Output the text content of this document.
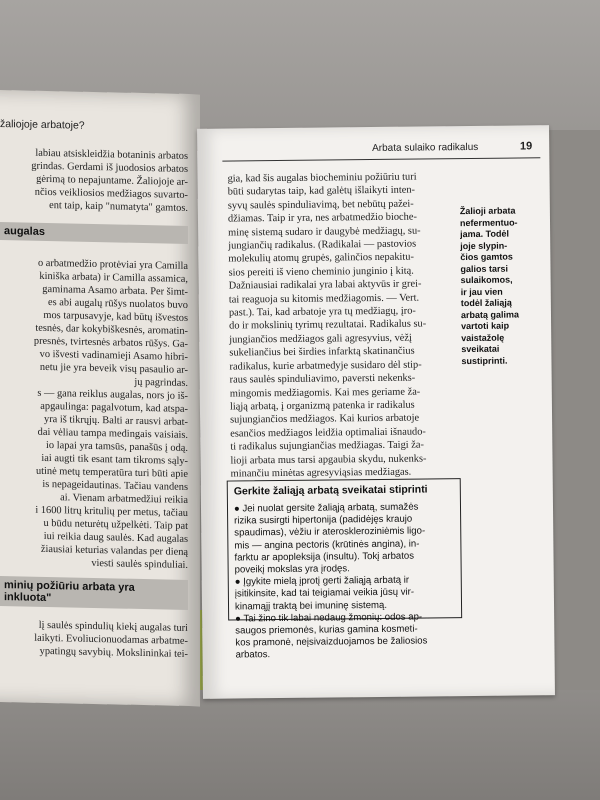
žaliojoje arbatoje?
labiau atsiskleidžia botaninis arbatos
grindas. Gerdami iš juodosios arbatos
gėrimą to nepajuntame. Žaliojoje ar-
nčios veikliosios medžiagos suvarto-
ent taip, kaip "numatyta" gamtos.
augalas
o arbatmedžio protėviai yra Camilla
kiniška arbata) ir Camilla assamica,
gaminama Asamo arbata. Per šimt-
es abi augalų rūšys nuolatos buvo
mos tarpusavyje, kad būtų išvestos
tesnės, dar kokybiškesnės, aromatin-
presnės, tvirtesnės arbatos rūšys. Ga-
vo išvesti vadinamieji Asamo hibri-
netu jie yra beveik visų pasaulio ar-
jų pagrindas.
s — gana reiklus augalas, nors jo iš-
apgaulinga: pagalvotum, kad atspa-
yra iš tikrųjų. Balti ar rausvi arbat-
dai vėliau tampa medingais vaisiais.
io lapai yra tamsūs, panašūs į odą.
iai augti tik esant tam tikroms sąly-
utinė metų temperatūra turi būti apie
is nepageidautinas. Tačiau vandens
ai. Vienam arbatmedžiui reikia
i 1600 litrų kritulių per metus, tačiau
u būdu neturėtų užpelkėti. Taip pat
iui reikia daug saulės. Kad augalas
žiausiai keturias valandas per dieną
viesti saulės spinduliai.
minių požiūriu arbata yra
inkluota"
lį saulės spindulių kiekį augalas turi
laikyti. Evoliucionuodamas arbatme-
ypatingų savybių. Mokslininkai tei-
Arbata sulaiko radikalus	19
gia, kad šis augalas biocheminiu požiūriu turi
būti sudarytas taip, kad galėtų išlaikyti inten-
syvų saulės spinduliavimą, bet nebūtų pažei-
džiamas. Taip ir yra, nes arbatmedžio bioche-
minę sistemą sudaro ir daugybė medžiagų, su-
jungiančių radikalus. (Radikalai — pastovios
molekulių atomų grupės, galinčios nepakitu-
sios pereiti iš vieno cheminio junginio į kitą.
Dažniausiai radikalai yra labai aktyvūs ir grei-
tai reaguoja su kitomis medžiagomis. — Vert.
past.). Tai, kad arbatoje yra tų medžiagų, įro-
do ir mokslinių tyrimų rezultatai. Radikalus su-
jungiančios medžiagos gali agresyvius, vėžį
sukeliančius bei širdies infarktą skatinančius
radikalus, kurie arbatmedyje susidaro dėl stip-
raus saulės spinduliavimo, paversti nekenks-
mingomis medžiagomis. Kai mes geriame ža-
liąją arbatą, į organizmą patenka ir radikalus
sujungiančios medžiagos. Kai kurios arbatoje
esančios medžiagos leidžia optimaliai išnaudo-
ti radikalus sujungiančias medžiagas. Taigi ža-
lioji arbata mus tarsi apgaubia skydu, nukenks-
minančiu minėtas agresyviąsias medžiagas.
Žalioji arbata
nefermentuo-
jama. Todėl
joje slypin-
čios gamtos
galios tarsi
sulaikomos,
ir jau vien
todėl žaliąją
arbatą galima
vartoti kaip
vaistažolę
sveikatai
sustiprinti.
Gerkite žaliąją arbatą sveikatai stiprinti
● Jei nuolat gersite žaliąją arbatą, sumažės
rizika susirgti hipertonija (padidėjęs kraujo
spaudimas), vėžiu ir ateroskleroziniėmis ligo-
mis — angina pectoris (krūtinės angina), in-
farktu ar apopleksija (insultu). Tokį arbatos
poveikį mokslas yra įrodęs.
● Įgykite mielą įprotį gerti žaliąją arbatą ir
įsitikinsite, kad tai teigiamai veikia jūsų vir-
kinamąjį traktą bei imuninę sistemą.
● Tai žino tik labai nedaug žmonių: odos ap-
saugos priemonės, kurias gamina kosmeti-
kos pramonė, neįsivaizduojamos be žaliosios
arbatos.
